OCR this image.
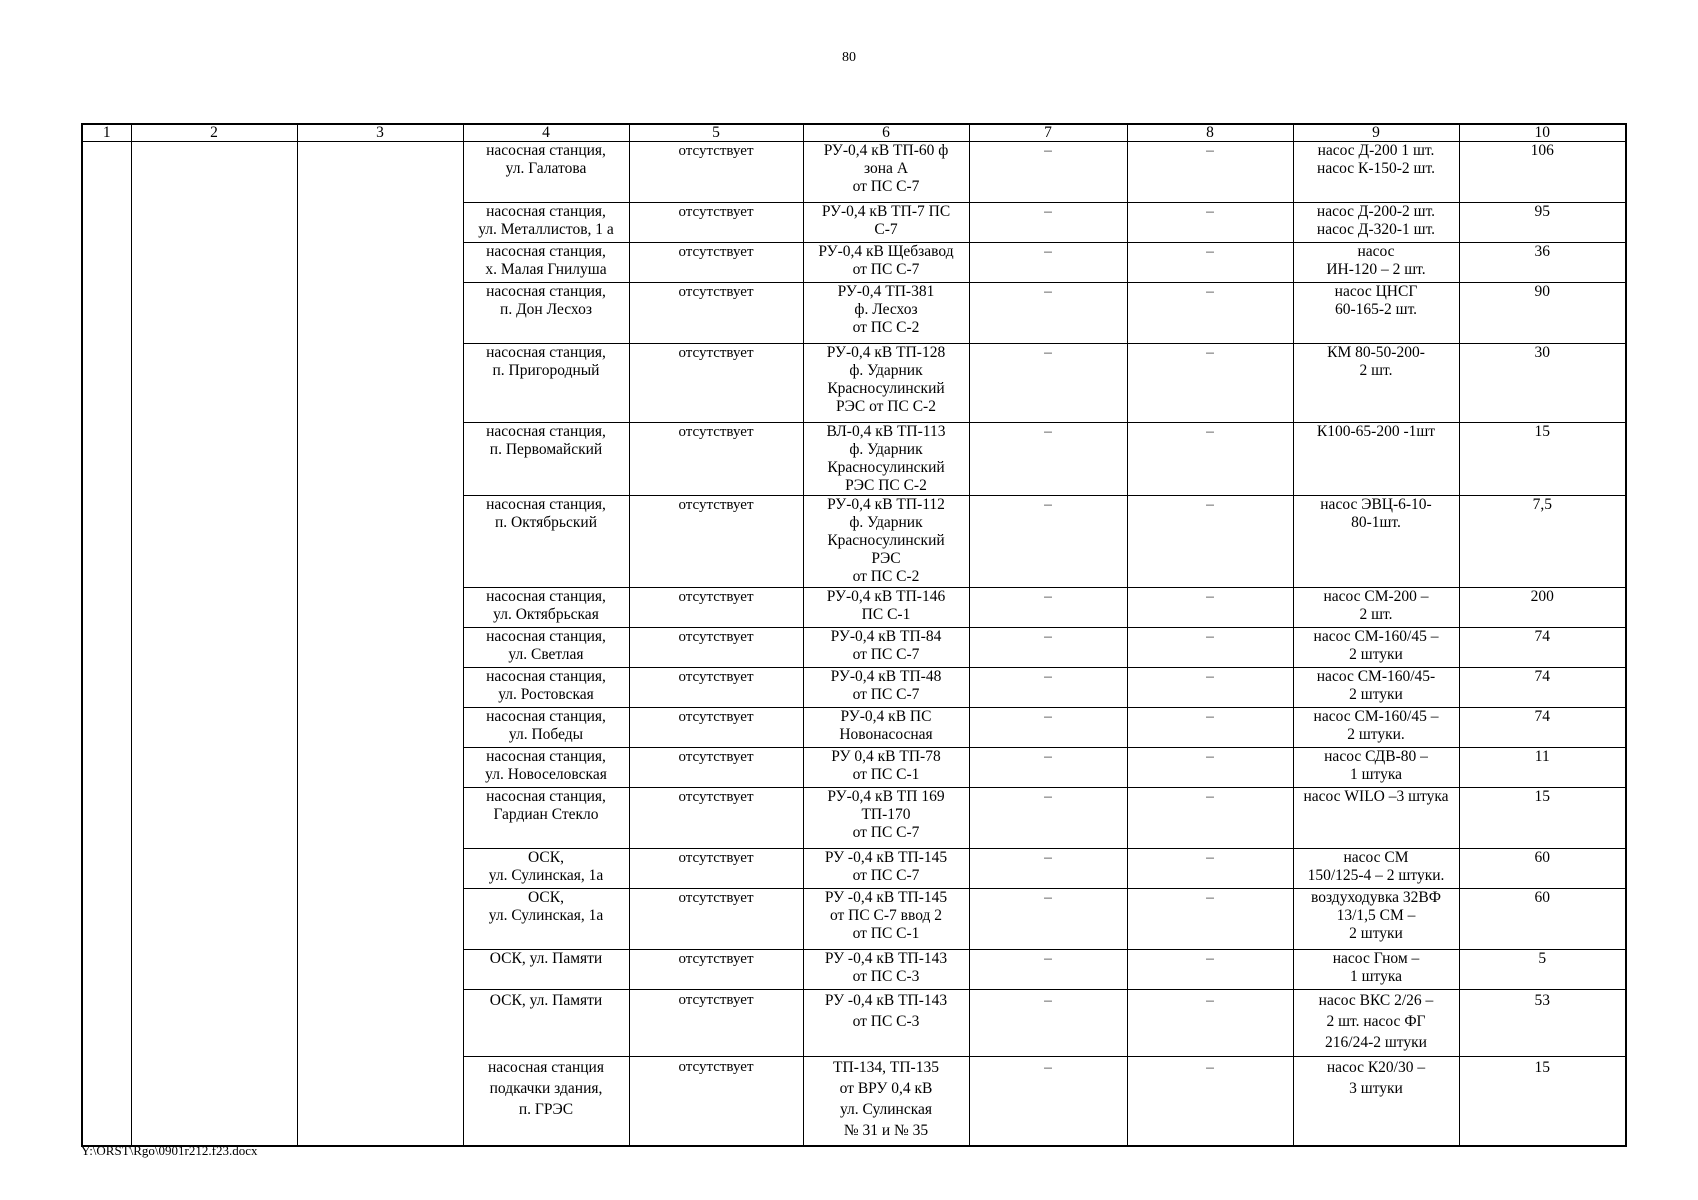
80
1	2	3	4	5	6	7	8	9	10
			насосная станция,
ул. Галатова	отсутствует	РУ-0,4 кВ ТП-60 ф
зона А
от ПС С-7	–	–	насос Д-200 1 шт.
насос К-150-2 шт.	106
			насосная станция,
ул. Металлистов, 1 а	отсутствует	РУ-0,4 кВ ТП-7 ПС
С-7	–	–	насос Д-200-2 шт.
насос Д-320-1 шт.	95
			насосная станция,
х. Малая Гнилуша	отсутствует	РУ-0,4 кВ Щебзавод
от ПС С-7	–	–	насос
ИН-120 – 2 шт.	36
			насосная станция,
п. Дон Лесхоз	отсутствует	РУ-0,4 ТП-381
ф. Лесхоз
от ПС С-2	–	–	насос ЦНСГ
60-165-2 шт.	90
			насосная станция,
п. Пригородный	отсутствует	РУ-0,4 кВ ТП-128
ф. Ударник
Красносулинский
РЭС от ПС С-2	–	–	КМ 80-50-200-
2 шт.	30
			насосная станция,
п. Первомайский	отсутствует	ВЛ-0,4 кВ ТП-113
ф. Ударник
Красносулинский
РЭС ПС С-2	–	–	К100-65-200 -1шт	15
			насосная станция,
п. Октябрьский	отсутствует	РУ-0,4 кВ ТП-112
ф. Ударник
Красносулинский
РЭС
от ПС С-2	–	–	насос ЭВЦ-6-10-
80-1шт.	7,5
			насосная станция,
ул. Октябрьская	отсутствует	РУ-0,4 кВ ТП-146
ПС С-1	–	–	насос СМ-200 –
2 шт.	200
			насосная станция,
ул. Светлая	отсутствует	РУ-0,4 кВ ТП-84
от ПС С-7	–	–	насос СМ-160/45 –
2 штуки	74
			насосная станция,
ул. Ростовская	отсутствует	РУ-0,4 кВ ТП-48
от ПС С-7	–	–	насос СМ-160/45-
2 штуки	74
			насосная станция,
ул. Победы	отсутствует	РУ-0,4 кВ ПС
Новонасосная	–	–	насос СМ-160/45 –
2 штуки.	74
			насосная станция,
ул. Новоселовская	отсутствует	РУ 0,4 кВ ТП-78
от ПС С-1	–	–	насос СДВ-80 –
1 штука	11
			насосная станция,
Гардиан Стекло	отсутствует	РУ-0,4 кВ ТП 169
ТП-170
от ПС С-7	–	–	насос WILO –3 штука	15
			ОСК,
ул. Сулинская, 1а	отсутствует	РУ -0,4 кВ ТП-145
от ПС С-7	–	–	насос СМ
150/125-4 – 2 штуки.	60
			ОСК,
ул. Сулинская, 1а	отсутствует	РУ -0,4 кВ ТП-145
от ПС С-7 ввод 2
от ПС С-1	–	–	воздуходувка 32ВФ
13/1,5 СМ –
2 штуки	60
			ОСК, ул. Памяти	отсутствует	РУ -0,4 кВ ТП-143
от ПС С-3	–	–	насос Гном –
1 штука	5
			ОСК, ул. Памяти	отсутствует	РУ -0,4 кВ ТП-143
от ПС С-3	–	–	насос ВКС 2/26 –
2 шт. насос ФГ
216/24-2 штуки	53
			насосная станция
подкачки здания,
п. ГРЭС	отсутствует	ТП-134, ТП-135
от ВРУ 0,4 кВ
ул. Сулинская
№ 31 и № 35	–	–	насос К20/30 –
3 штуки	15
Y:\ORST\Rgo\0901r212.f23.docx
